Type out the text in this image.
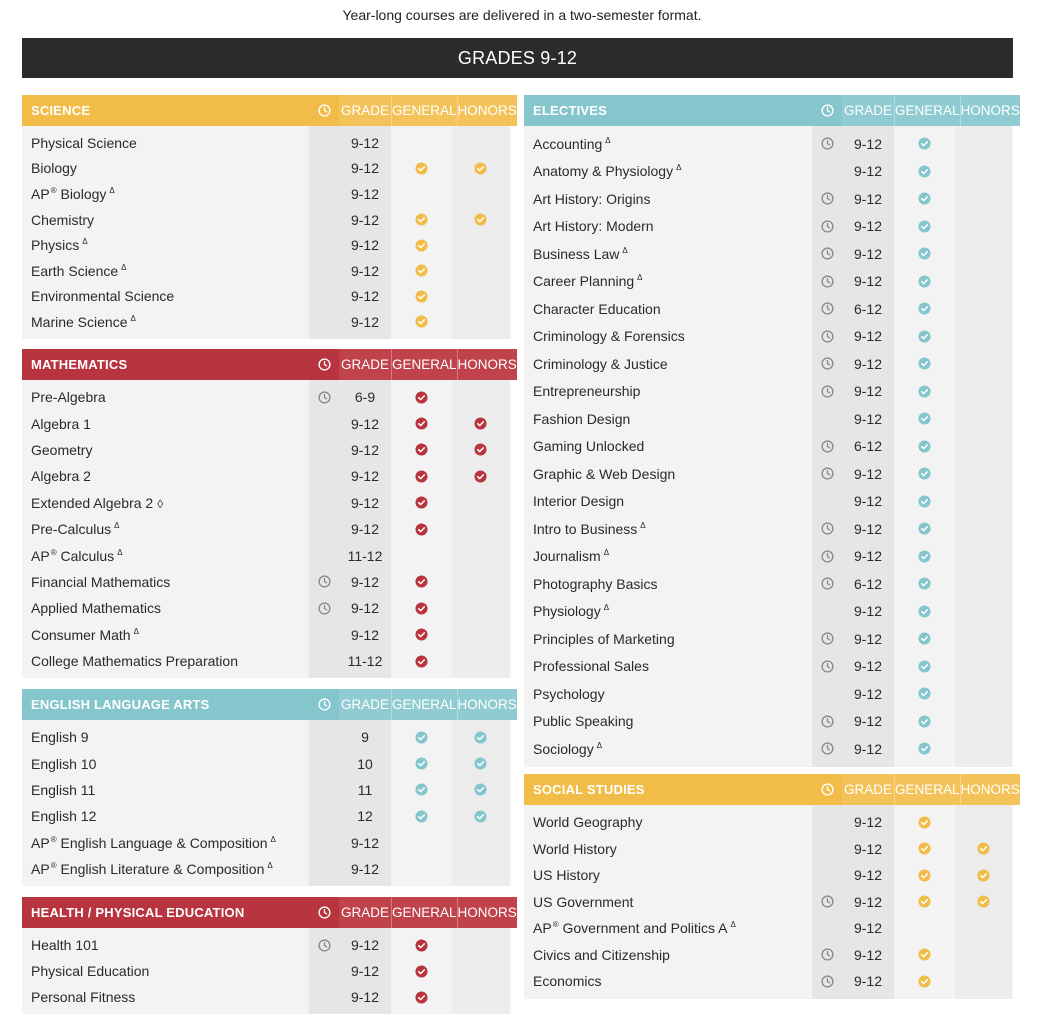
Year-long courses are delivered in a two-semester format.
GRADES 9-12
SCIENCE	GRADE GENERAL HONORS
Physical Science	9-12
Biology	9-12
AP® Biology $^\Delta$	9-12
Chemistry	9-12
Physics $^\Delta$	9-12
Earth Science $^\Delta$	9-12
Environmental Science	9-12
Marine Science $^\Delta$	9-12
MATHEMATICS	GRADE GENERAL HONORS
Pre-Algebra	6-9
Algebra 1	9-12
Geometry	9-12
Algebra 2	9-12
Extended Algebra 2 ◊	9-12
Pre-Calculus $^\Delta$	9-12
AP® Calculus $^\Delta$	11-12
Financial Mathematics	9-12
Applied Mathematics	9-12
Consumer Math $^\Delta$	9-12
College Mathematics Preparation	11-12
ENGLISH LANGUAGE ARTS	GRADE GENERAL HONORS
English 9	9
English 10	10
English 11	11
English 12	12
AP® English Language & Composition $^\Delta$	9-12
AP® English Literature & Composition $^\Delta$	9-12
HEALTH / PHYSICAL EDUCATION	GRADE GENERAL HONORS
Health 101	9-12
Physical Education	9-12
Personal Fitness	9-12
ELECTIVES	GRADE GENERAL HONORS
Accounting $^\Delta$	9-12
Anatomy & Physiology $^\Delta$	9-12
Art History: Origins	9-12
Art History: Modern	9-12
Business Law $^\Delta$	9-12
Career Planning $^\Delta$	9-12
Character Education	6-12
Criminology & Forensics	9-12
Criminology & Justice	9-12
Entrepreneurship	9-12
Fashion Design	9-12
Gaming Unlocked	6-12
Graphic & Web Design	9-12
Interior Design	9-12
Intro to Business $^\Delta$	9-12
Journalism $^\Delta$	9-12
Photography Basics	6-12
Physiology $^\Delta$	9-12
Principles of Marketing	9-12
Professional Sales	9-12
Psychology	9-12
Public Speaking	9-12
Sociology $^\Delta$	9-12
SOCIAL STUDIES	GRADE GENERAL HONORS
World Geography	9-12
World History	9-12
US History	9-12
US Government	9-12
AP® Government and Politics A $^\Delta$	9-12
Civics and Citizenship	9-12
Economics	9-12
